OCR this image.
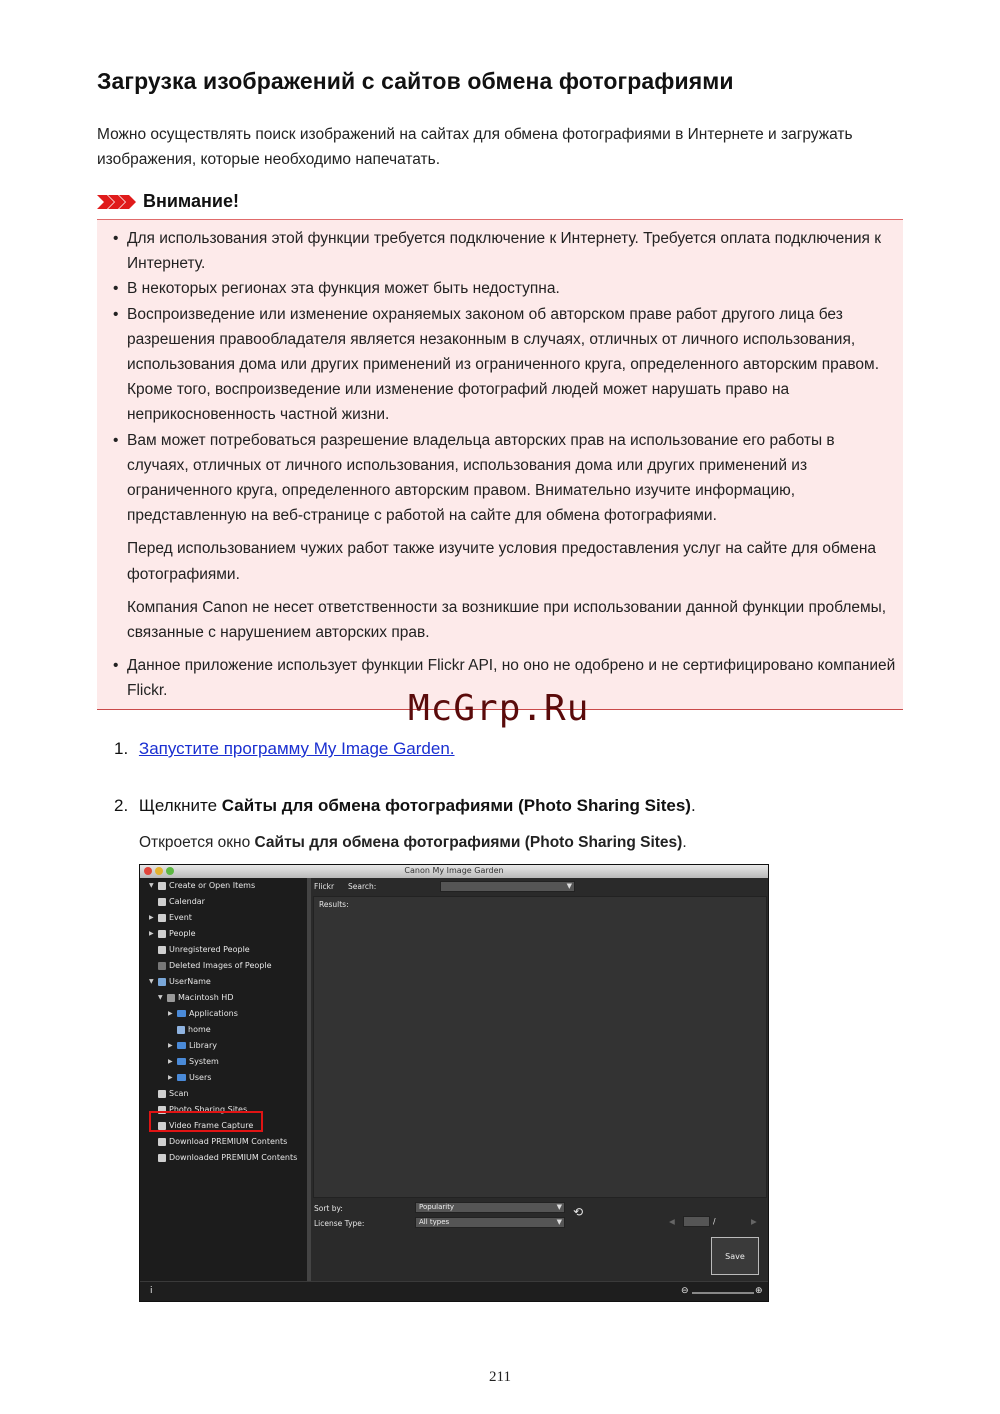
Загрузка изображений с сайтов обмена фотографиями
Можно осуществлять поиск изображений на сайтах для обмена фотографиями в Интернете и загружать изображения, которые необходимо напечатать.
Внимание!
• Для использования этой функции требуется подключение к Интернету. Требуется оплата подключения к Интернету.
• В некоторых регионах эта функция может быть недоступна.
• Воспроизведение или изменение охраняемых законом об авторском праве работ другого лица без разрешения правообладателя является незаконным в случаях, отличных от личного использования, использования дома или других применений из ограниченного круга, определенного авторским правом. Кроме того, воспроизведение или изменение фотографий людей может нарушать право на неприкосновенность частной жизни.
• Вам может потребоваться разрешение владельца авторских прав на использование его работы в случаях, отличных от личного использования, использования дома или других применений из ограниченного круга, определенного авторским правом. Внимательно изучите информацию, представленную на веб-странице с работой на сайте для обмена фотографиями.
Перед использованием чужих работ также изучите условия предоставления услуг на сайте для обмена фотографиями.
Компания Canon не несет ответственности за возникшие при использовании данной функции проблемы, связанные с нарушением авторских прав.
• Данное приложение использует функции Flickr API, но оно не одобрено и не сертифицировано компанией Flickr.	McGrp.Ru
1. Запустите программу My Image Garden.
2. Щелкните Сайты для обмена фотографиями (Photo Sharing Sites).
Откроется окно Сайты для обмена фотографиями (Photo Sharing Sites).
Canon My Image Garden
▼ Create or Open Items
Calendar
▶ Event
▶ People
Unregistered People
Deleted Images of People
▼ UserName
▼ Macintosh HD
▶ Applications
home
▶ Library
▶ System
▶ Users
Scan
Photo Sharing Sites
Video Frame Capture
Download PREMIUM Contents
Downloaded PREMIUM Contents
Flickr Search:	▼
Results:
Sort by:	Popularity	▼
License Type:	All types	▼
⟲
◀	/	▶
Save
i	⊖	⊕
211
